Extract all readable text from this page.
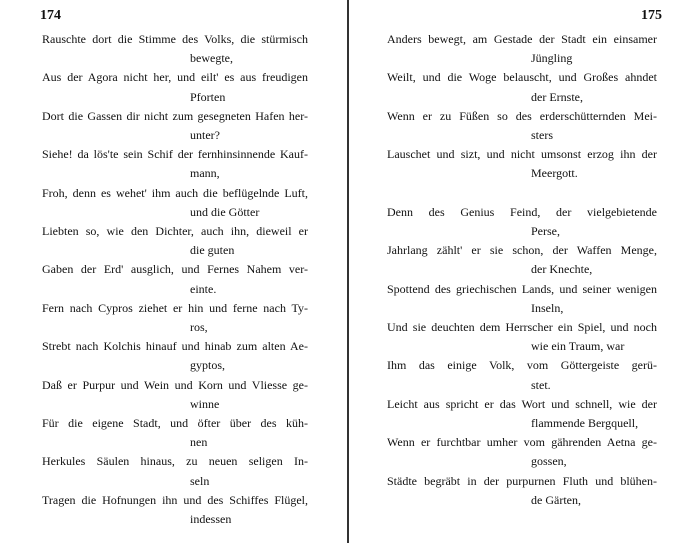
174
Rauschte dort die Stimme des Volks, die stürmisch
bewegte,
Aus der Agora nicht her, und eilt' es aus freudigen
Pforten
Dort die Gassen dir nicht zum gesegneten Hafen her-
unter?
Siehe! da lös'te sein Schif der fernhinsinnende Kauf-
mann,
Froh, denn es wehet' ihm auch die beflügelnde Luft,
und die Götter
Liebten so, wie den Dichter, auch ihn, dieweil er
die guten
Gaben der Erd' ausglich, und Fernes Nahem ver-
einte.
Fern nach Cypros ziehet er hin und ferne nach Ty-
ros,
Strebt nach Kolchis hinauf und hinab zum alten Ae-
gyptos,
Daß er Purpur und Wein und Korn und Vliesse ge-
winne
Für die eigene Stadt, und öfter über des küh-
nen
Herkules Säulen hinaus, zu neuen seligen In-
seln
Tragen die Hofnungen ihn und des Schiffes Flügel,
indessen
175
Anders bewegt, am Gestade der Stadt ein einsamer
Jüngling
Weilt, und die Woge belauscht, und Großes ahndet
der Ernste,
Wenn er zu Füßen so des erderschütternden Mei-
sters
Lauschet und sizt, und nicht umsonst erzog ihn der
Meergott.
Denn des Genius Feind, der vielgebietende
Perse,
Jahrlang zählt' er sie schon, der Waffen Menge,
der Knechte,
Spottend des griechischen Lands, und seiner wenigen
Inseln,
Und sie deuchten dem Herrscher ein Spiel, und noch
wie ein Traum, war
Ihm das einige Volk, vom Göttergeiste gerü-
stet.
Leicht aus spricht er das Wort und schnell, wie der
flammende Bergquell,
Wenn er furchtbar umher vom gährenden Aetna ge-
gossen,
Städte begräbt in der purpurnen Fluth und blühen-
de Gärten,
